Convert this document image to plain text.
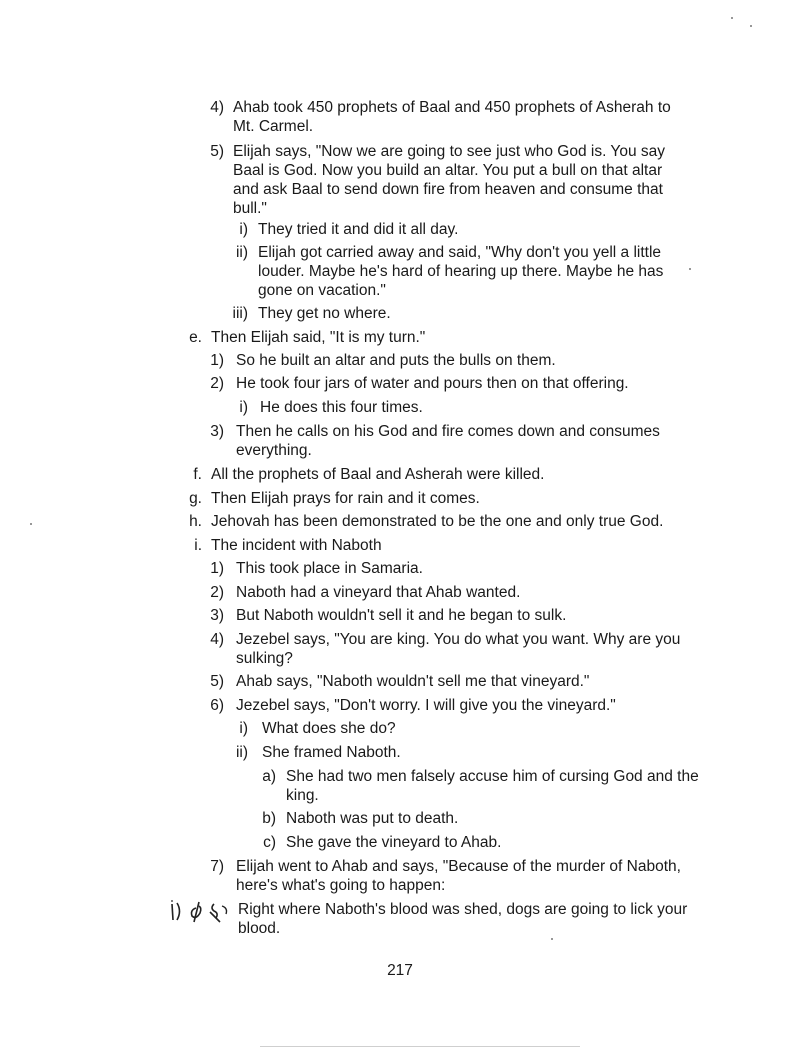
4) Ahab took 450 prophets of Baal and 450 prophets of Asherah to
Mt. Carmel.
5) Elijah says, "Now we are going to see just who God is. You say
Baal is God. Now you build an altar. You put a bull on that altar
and ask Baal to send down fire from heaven and consume that
bull."
i) They tried it and did it all day.
ii) Elijah got carried away and said, "Why don't you yell a little
louder. Maybe he's hard of hearing up there. Maybe he has
gone on vacation."
iii) They get no where.
e. Then Elijah said, "It is my turn."
1) So he built an altar and puts the bulls on them.
2) He took four jars of water and pours then on that offering.
i) He does this four times.
3) Then he calls on his God and fire comes down and consumes
everything.
f. All the prophets of Baal and Asherah were killed.
g. Then Elijah prays for rain and it comes.
h. Jehovah has been demonstrated to be the one and only true God.
i. The incident with Naboth
1) This took place in Samaria.
2) Naboth had a vineyard that Ahab wanted.
3) But Naboth wouldn't sell it and he began to sulk.
4) Jezebel says, "You are king. You do what you want. Why are you
sulking?
5) Ahab says, "Naboth wouldn't sell me that vineyard."
6) Jezebel says, "Don't worry. I will give you the vineyard."
i) What does she do?
ii) She framed Naboth.
a) She had two men falsely accuse him of cursing God and the
king.
b) Naboth was put to death.
c) She gave the vineyard to Ahab.
7) Elijah went to Ahab and says, "Because of the murder of Naboth,
here's what's going to happen:
Right where Naboth's blood was shed, dogs are going to lick your
blood.
217
